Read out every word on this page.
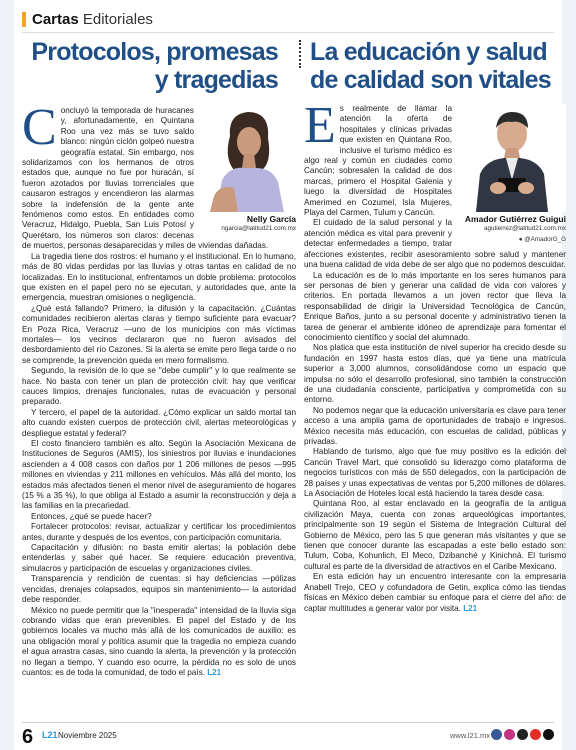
Cartas Editoriales
Protocolos, promesas
y tragedias
Nelly García
ngarcia@latitud21.com.mx
C oncluyó la temporada de huracanes y, afortunadamente, en Quintana Roo una vez más se tuvo saldo blanco: ningún ciclón golpeó nuestra geografía estatal. Sin embargo, nos solidarizamos con los hermanos de otros estados que, aunque no fue por huracán, sí fueron azotados por lluvias torrenciales que causaron estragos y encendieron las alarmas sobre la indefensión de la gente ante fenómenos como estos. En entidades como Veracruz, Hidalgo, Puebla, San Luis Potosí y Querétaro, los números son claros: decenas de muertos, personas desaparecidas y miles de viviendas dañadas.

La tragedia tiene dos rostros: el humano y el institucional. En lo humano, más de 80 vidas perdidas por las lluvias y otras tantas en calidad de no localizadas. En lo institucional, enfrentamos un doble problema: protocolos que existen en el papel pero no se ejecutan, y autoridades que, ante la emergencia, muestran omisiones o negligencia.

¿Qué está fallando? Primero, la difusión y la capacitación. ¿Cuántas comunidades recibieron alertas claras y tiempo suficiente para evacuar? En Poza Rica, Veracruz —uno de los municipios con más víctimas mortales— los vecinos declararon que no fueron avisados del desbordamiento del río Cazones. Si la alerta se emite pero llega tarde o no se comprende, la prevención queda en mero formalismo.

Segundo, la revisión de lo que se "debe cumplir" y lo que realmente se hace. No basta con tener un plan de protección civil: hay que verificar cauces limpios, drenajes funcionales, rutas de evacuación y personal preparado.

Y tercero, el papel de la autoridad. ¿Cómo explicar un saldo mortal tan alto cuando existen cuerpos de protección civil, alertas meteorológicas y despliegue estatal y federal?

El costo financiero también es alto. Según la Asociación Mexicana de Instituciones de Seguros (AMIS), los siniestros por lluvias e inundaciones ascienden a 4 008 casos con daños por 1 206 millones de pesos —995 millones en viviendas y 211 millones en vehículos. Más allá del monto, los estados más afectados tienen el menor nivel de aseguramiento de hogares (15 % a 35 %), lo que obliga al Estado a asumir la reconstrucción y deja a las familias en la precariedad.

Entonces, ¿qué se puede hacer?

Fortalecer protocolos: revisar, actualizar y certificar los procedimientos antes, durante y después de los eventos, con participación comunitaria.

Capacitación y difusión: no basta emitir alertas; la población debe entenderlas y saber qué hacer. Se requiere educación preventiva, simulacros y participación de escuelas y organizaciones civiles.

Transparencia y rendición de cuentas: si hay deficiencias —pólizas vencidas, drenajes colapsados, equipos sin mantenimiento— la autoridad debe responder.

México no puede permitir que la "inesperada" intensidad de la lluvia siga cobrando vidas que eran prevenibles. El papel del Estado y de los gobiernos locales va mucho más allá de los comunicados de auxilio: es una obligación moral y política asumir que la tragedia no empieza cuando el agua arrastra casas, sino cuando la alerta, la prevención y la protección no llegan a tiempo. Y cuando eso ocurre, la pérdida no es solo de unos cuantos: es de toda la comunidad, de todo el país. L21

La educación y salud
de calidad son vitales
Amador Gutiérrez Guigui
agutierrez@latitud21.com.mx
● @AmadorG_G
E s realmente de llamar la atención la oferta de hospitales y clínicas privadas que existen en Quintana Roo, inclusive el turismo médico es algo real y común en ciudades como Cancún; sobresalen la calidad de dos marcas, primero el Hospital Galenia y luego la diversidad de Hospitales Amerimed en Cozumel, Isla Mujeres, Playa del Carmen, Tulum y Cancún.

El cuidado de la salud personal y la atención médica es vital para prevenir y detectar enfermedades a tiempo, tratar afecciones existentes, recibir asesoramiento sobre salud y mantener una buena calidad de vida debe de ser algo que no podemos descuidar.

La educación es de lo más importante en los seres humanos para ser personas de bien y generar una calidad de vida con valores y criterios. En portada llevamos a un joven rector que lleva la responsabilidad de dirigir la Universidad Tecnológica de Cancún, Enrique Baños, junto a su personal docente y administrativo tienen la tarea de generar el ambiente idóneo de aprendizaje para fomentar el conocimiento científico y social del alumnado.

Nos platica que esta institución de nivel superior ha crecido desde su fundación en 1997 hasta estos días, que ya tiene una matrícula superior a 3,000 alumnos, consolidándose como un espacio que impulsa no sólo el desarrollo profesional, sino también la construcción de una ciudadanía consciente, participativa y comprometida con su entorno.

No podemos negar que la educación universitaria es clave para tener acceso a una amplia gama de oportunidades de trabajo e ingresos. México necesita más educación, con escuelas de calidad, públicas y privadas.

Hablando de turismo, algo que fue muy positivo es la edición del Cancún Travel Mart, que consolidó su liderazgo como plataforma de negocios turísticos con más de 550 delegados, con la participación de 28 países y unas expectativas de ventas por 5,200 millones de dólares. La Asociación de Hoteles local está haciendo la tarea desde casa.

Quintana Roo, al estar enclavado en la geografía de la antigua civilización Maya, cuenta con zonas arqueológicas importantes, principalmente son 19 según el Sistema de Integración Cultural del Gobierno de México, pero las 5 que generan más visitantes y que se tienen que conocer durante las escapadas a este bello estado son: Tulum, Coba, Kohunlich, El Meco, Dzibanché y Kinichná. El turismo cultural es parte de la diversidad de atractivos en el Caribe Mexicano.

En esta edición hay un encuentro interesante con la empresaria Anabell Trejo, CEO y cofundadora de Getin, explica cómo las tiendas físicas en México deben cambiar su enfoque para el cierre del año: de captar multitudes a generar valor por visita. L21

6 L21 Noviembre 2025	www.l21.mx
